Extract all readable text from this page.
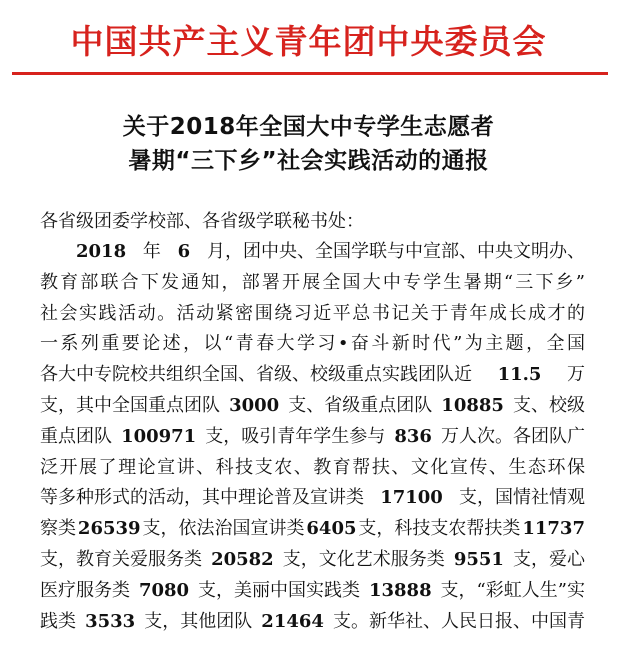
中国共产主义青年团中央委员会
关于2018年全国大中专学生志愿者
暑期“三下乡”社会实践活动的通报
各省级团委学校部、各省级学联秘书处：
2018 年 6 月，团中央、全国学联与中宣部、中央文明办、
教育部联合下发通知，部署开展全国大中专学生暑期“三下乡”
社会实践活动。活动紧密围绕习近平总书记关于青年成长成才的
一系列重要论述，以“青春大学习•奋斗新时代”为主题，全国
各大中专院校共组织全国、省级、校级重点实践团队近 11.5 万
支，其中全国重点团队 3000 支、省级重点团队 10885 支、校级
重点团队 100971 支，吸引青年学生参与 836 万人次。各团队广
泛开展了理论宣讲、科技支农、教育帮扶、文化宣传、生态环保
等多种形式的活动，其中理论普及宣讲类 17100 支，国情社情观
察类 26539 支，依法治国宣讲类 6405 支，科技支农帮扶类 11737
支，教育关爱服务类 20582 支，文化艺术服务类 9551 支，爱心
医疗服务类 7080 支，美丽中国实践类 13888 支，“彩虹人生”实
践类 3533 支，其他团队 21464 支。新华社、人民日报、中国青
